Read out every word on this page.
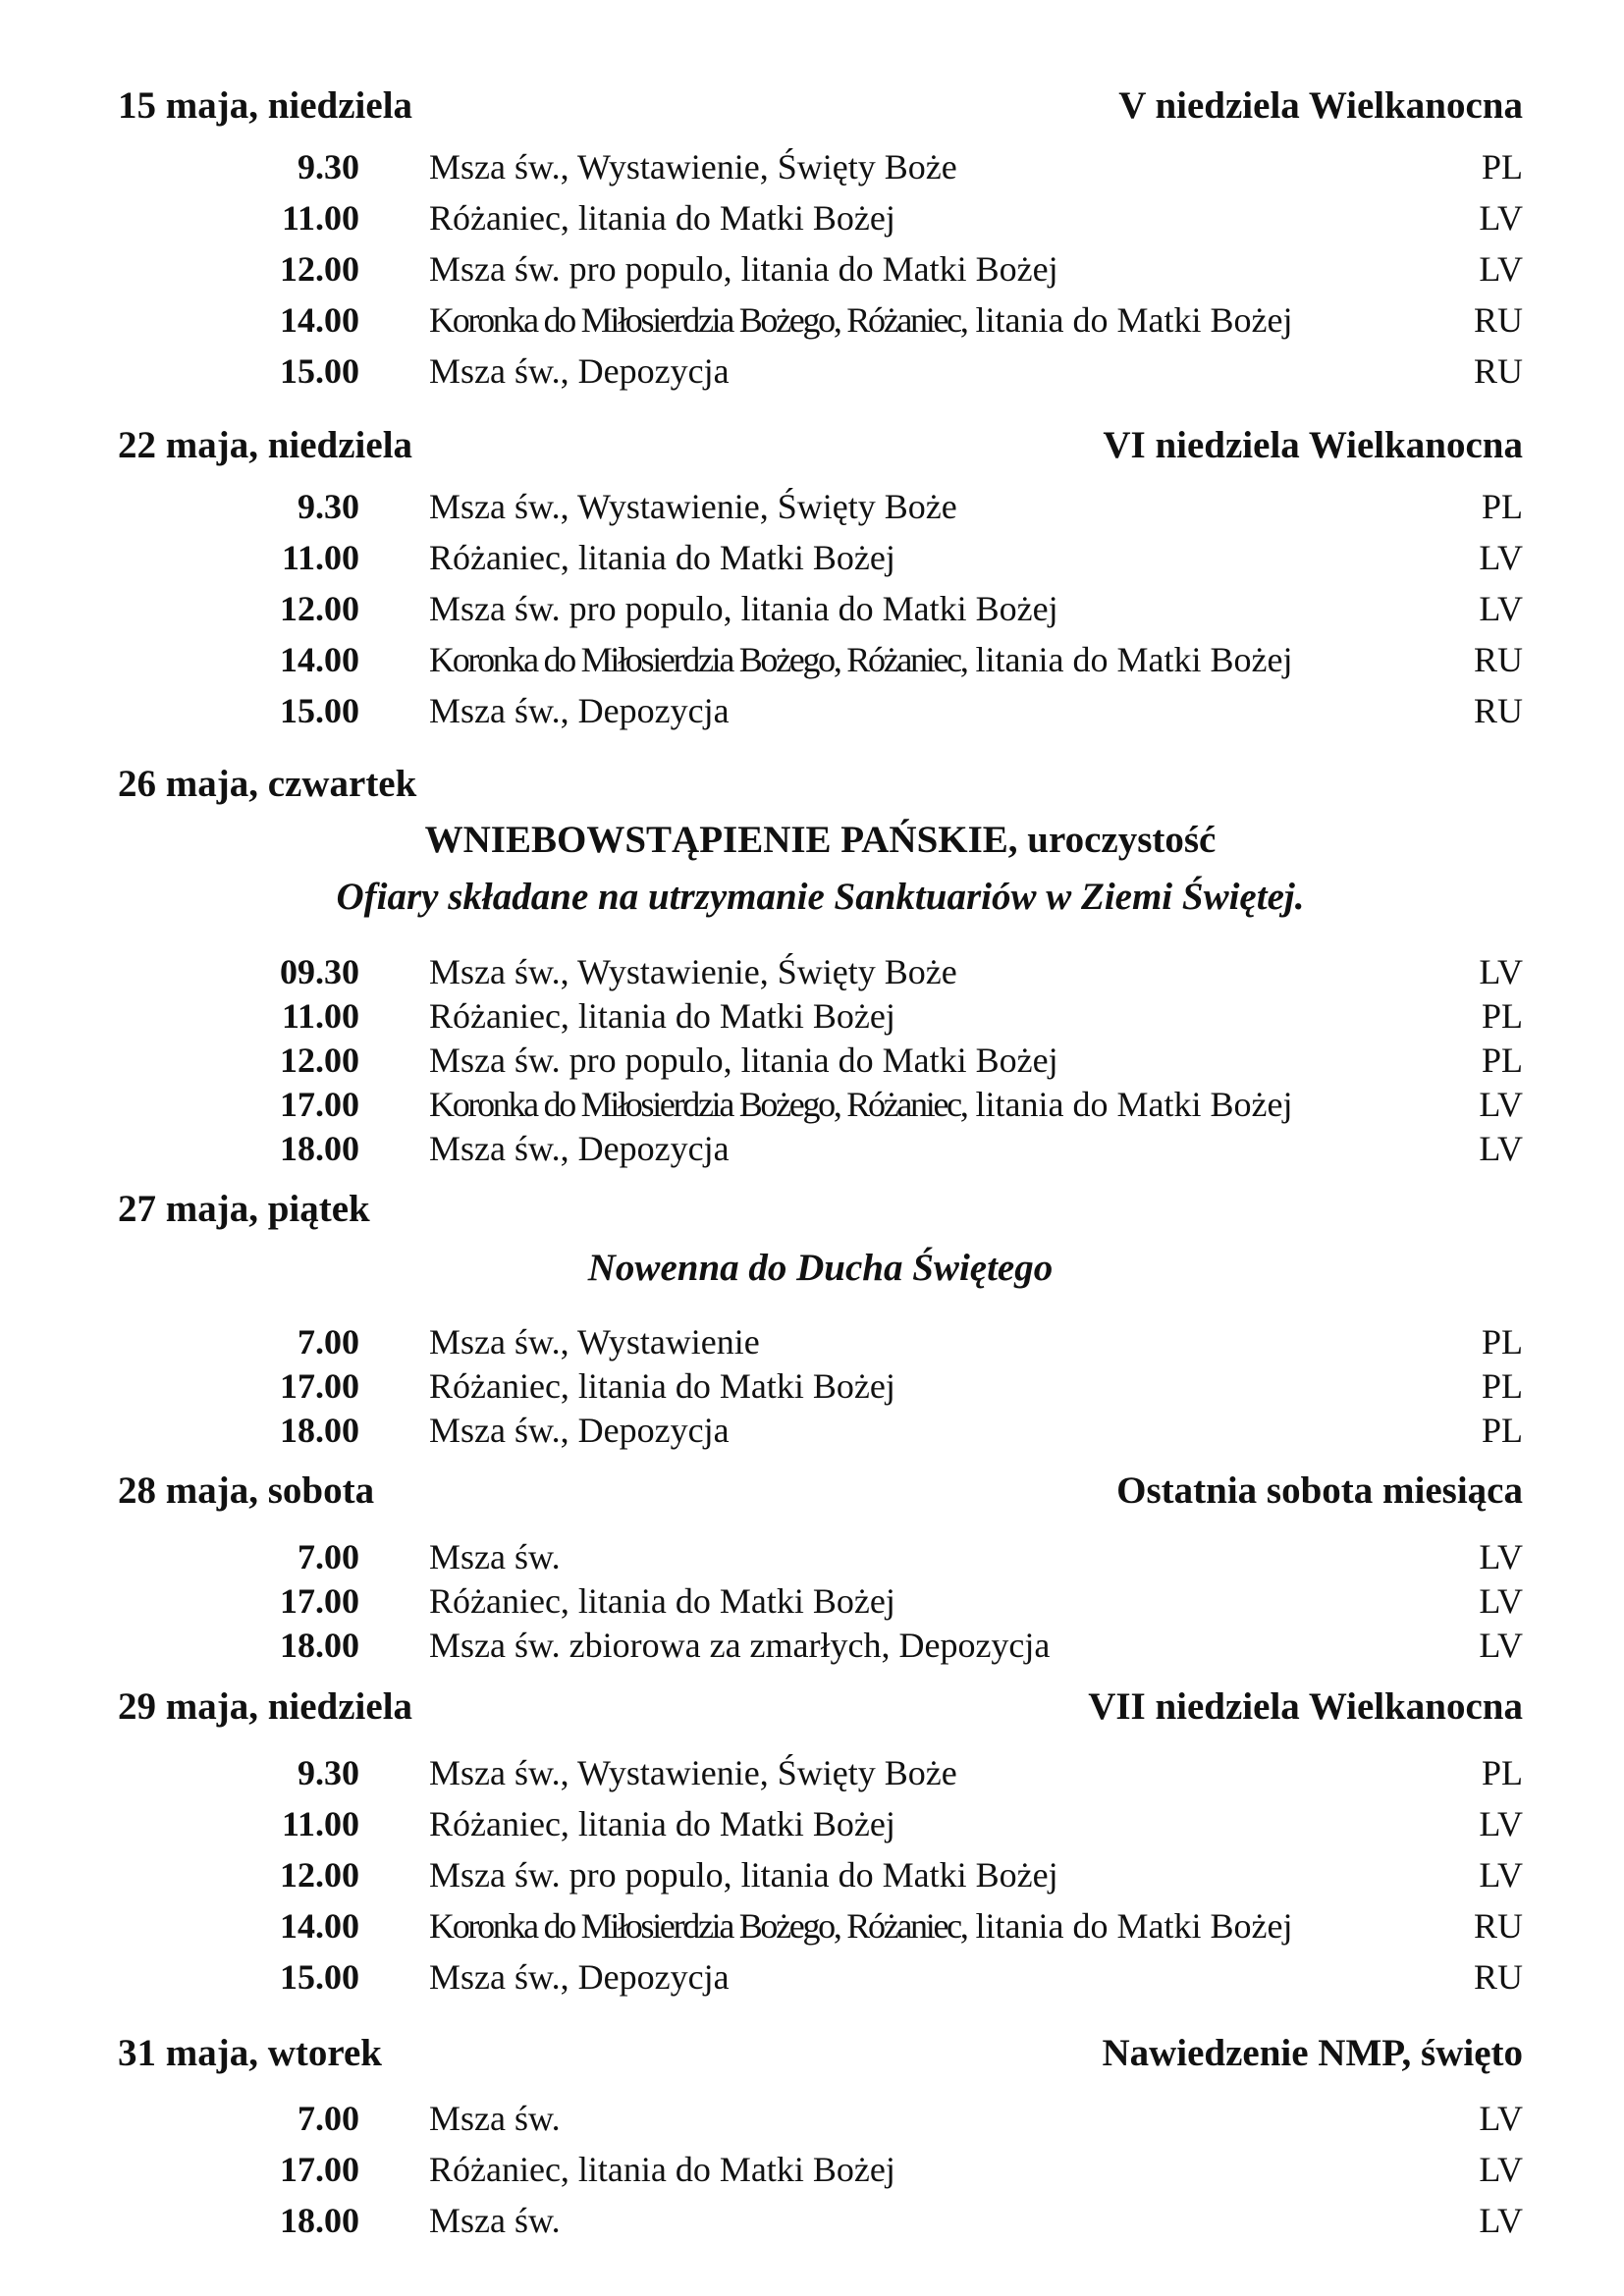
15 maja, niedziela	V niedziela Wielkanocna
9.30 Msza św., Wystawienie, Święty Boże	PL
11.00 Różaniec, litania do Matki Bożej	LV
12.00 Msza św. pro populo, litania do Matki Bożej	LV
14.00 Koronka do Miłosierdzia Bożego, Różaniec, litania do Matki Bożej	RU
15.00 Msza św., Depozycja	RU
22 maja, niedziela	VI niedziela Wielkanocna
9.30 Msza św., Wystawienie, Święty Boże	PL
11.00 Różaniec, litania do Matki Bożej	LV
12.00 Msza św. pro populo, litania do Matki Bożej	LV
14.00 Koronka do Miłosierdzia Bożego, Różaniec, litania do Matki Bożej	RU
15.00 Msza św., Depozycja	RU
26 maja, czwartek
WNIEBOWSTĄPIENIE PAŃSKIE, uroczystość
Ofiary składane na utrzymanie Sanktuariów w Ziemi Świętej.
09.30 Msza św., Wystawienie, Święty Boże	LV
11.00 Różaniec, litania do Matki Bożej	PL
12.00 Msza św. pro populo, litania do Matki Bożej	PL
17.00 Koronka do Miłosierdzia Bożego, Różaniec, litania do Matki Bożej	LV
18.00 Msza św., Depozycja	LV
27 maja, piątek
Nowenna do Ducha Świętego
7.00 Msza św., Wystawienie	PL
17.00 Różaniec, litania do Matki Bożej	PL
18.00 Msza św., Depozycja	PL
28 maja, sobota	Ostatnia sobota miesiąca
7.00 Msza św.	LV
17.00 Różaniec, litania do Matki Bożej	LV
18.00 Msza św. zbiorowa za zmarłych, Depozycja	LV
29 maja, niedziela	VII niedziela Wielkanocna
9.30 Msza św., Wystawienie, Święty Boże	PL
11.00 Różaniec, litania do Matki Bożej	LV
12.00 Msza św. pro populo, litania do Matki Bożej	LV
14.00 Koronka do Miłosierdzia Bożego, Różaniec, litania do Matki Bożej	RU
15.00 Msza św., Depozycja	RU
31 maja, wtorek	Nawiedzenie NMP, święto
7.00 Msza św.	LV
17.00 Różaniec, litania do Matki Bożej	LV
18.00 Msza św.	LV
